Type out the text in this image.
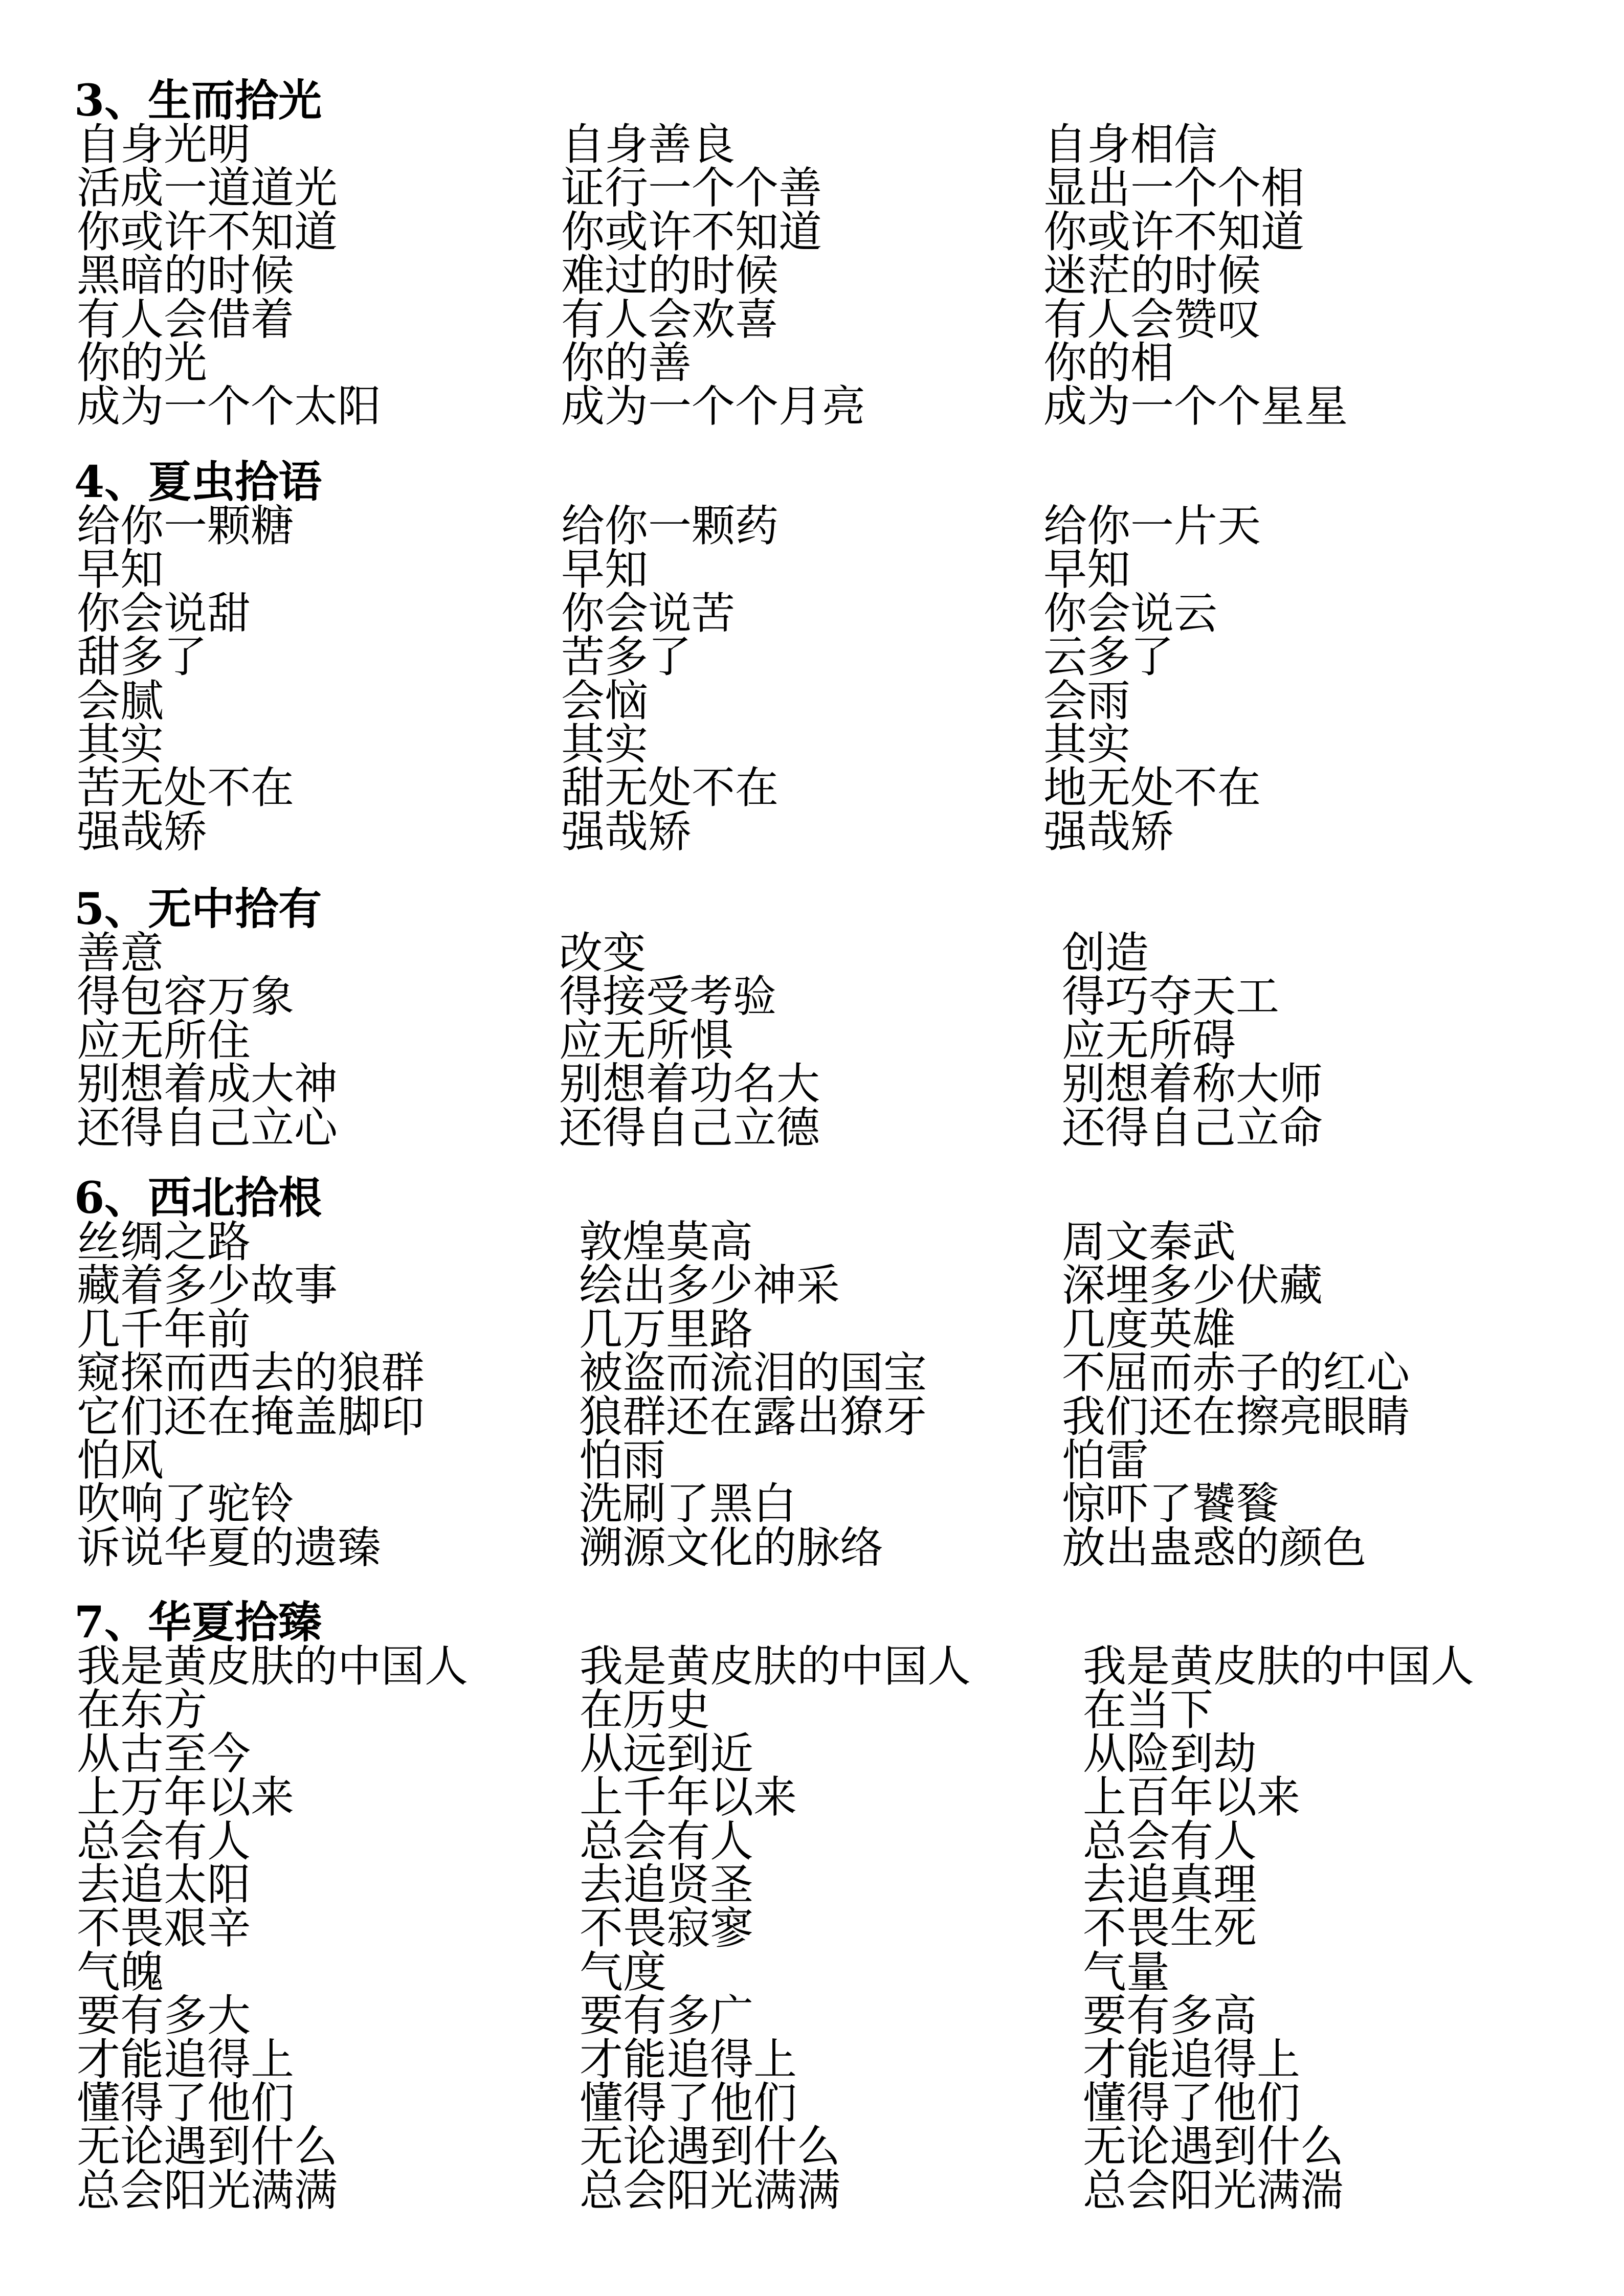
3、生而拾光
自身光明
活成一道道光
你或许不知道
黑暗的时候
有人会借着
你的光
成为一个个太阳
自身善良
证行一个个善
你或许不知道
难过的时候
有人会欢喜
你的善
成为一个个月亮
自身相信
显出一个个相
你或许不知道
迷茫的时候
有人会赞叹
你的相
成为一个个星星
4、夏虫拾语
给你一颗糖
早知
你会说甜
甜多了
会腻
其实
苦无处不在
强哉矫
给你一颗药
早知
你会说苦
苦多了
会恼
其实
甜无处不在
强哉矫
给你一片天
早知
你会说云
云多了
会雨
其实
地无处不在
强哉矫
5、无中拾有
善意
得包容万象
应无所住
别想着成大神
还得自己立心
改变
得接受考验
应无所惧
别想着功名大
还得自己立德
创造
得巧夺天工
应无所碍
别想着称大师
还得自己立命
6、西北拾根
丝绸之路
藏着多少故事
几千年前
窥探而西去的狼群
它们还在掩盖脚印
怕风
吹响了驼铃
诉说华夏的遗臻
敦煌莫高
绘出多少神采
几万里路
被盗而流泪的国宝
狼群还在露出獠牙
怕雨
洗刷了黑白
溯源文化的脉络
周文秦武
深埋多少伏藏
几度英雄
不屈而赤子的红心
我们还在擦亮眼睛
怕雷
惊吓了饕餮
放出蛊惑的颜色
7、华夏拾臻
我是黄皮肤的中国人
在东方
从古至今
上万年以来
总会有人
去追太阳
不畏艰辛
气魄
要有多大
才能追得上
懂得了他们
无论遇到什么
总会阳光满满
我是黄皮肤的中国人
在历史
从远到近
上千年以来
总会有人
去追贤圣
不畏寂寥
气度
要有多广
才能追得上
懂得了他们
无论遇到什么
总会阳光满满
我是黄皮肤的中国人
在当下
从险到劫
上百年以来
总会有人
去追真理
不畏生死
气量
要有多高
才能追得上
懂得了他们
无论遇到什么
总会阳光满湍
